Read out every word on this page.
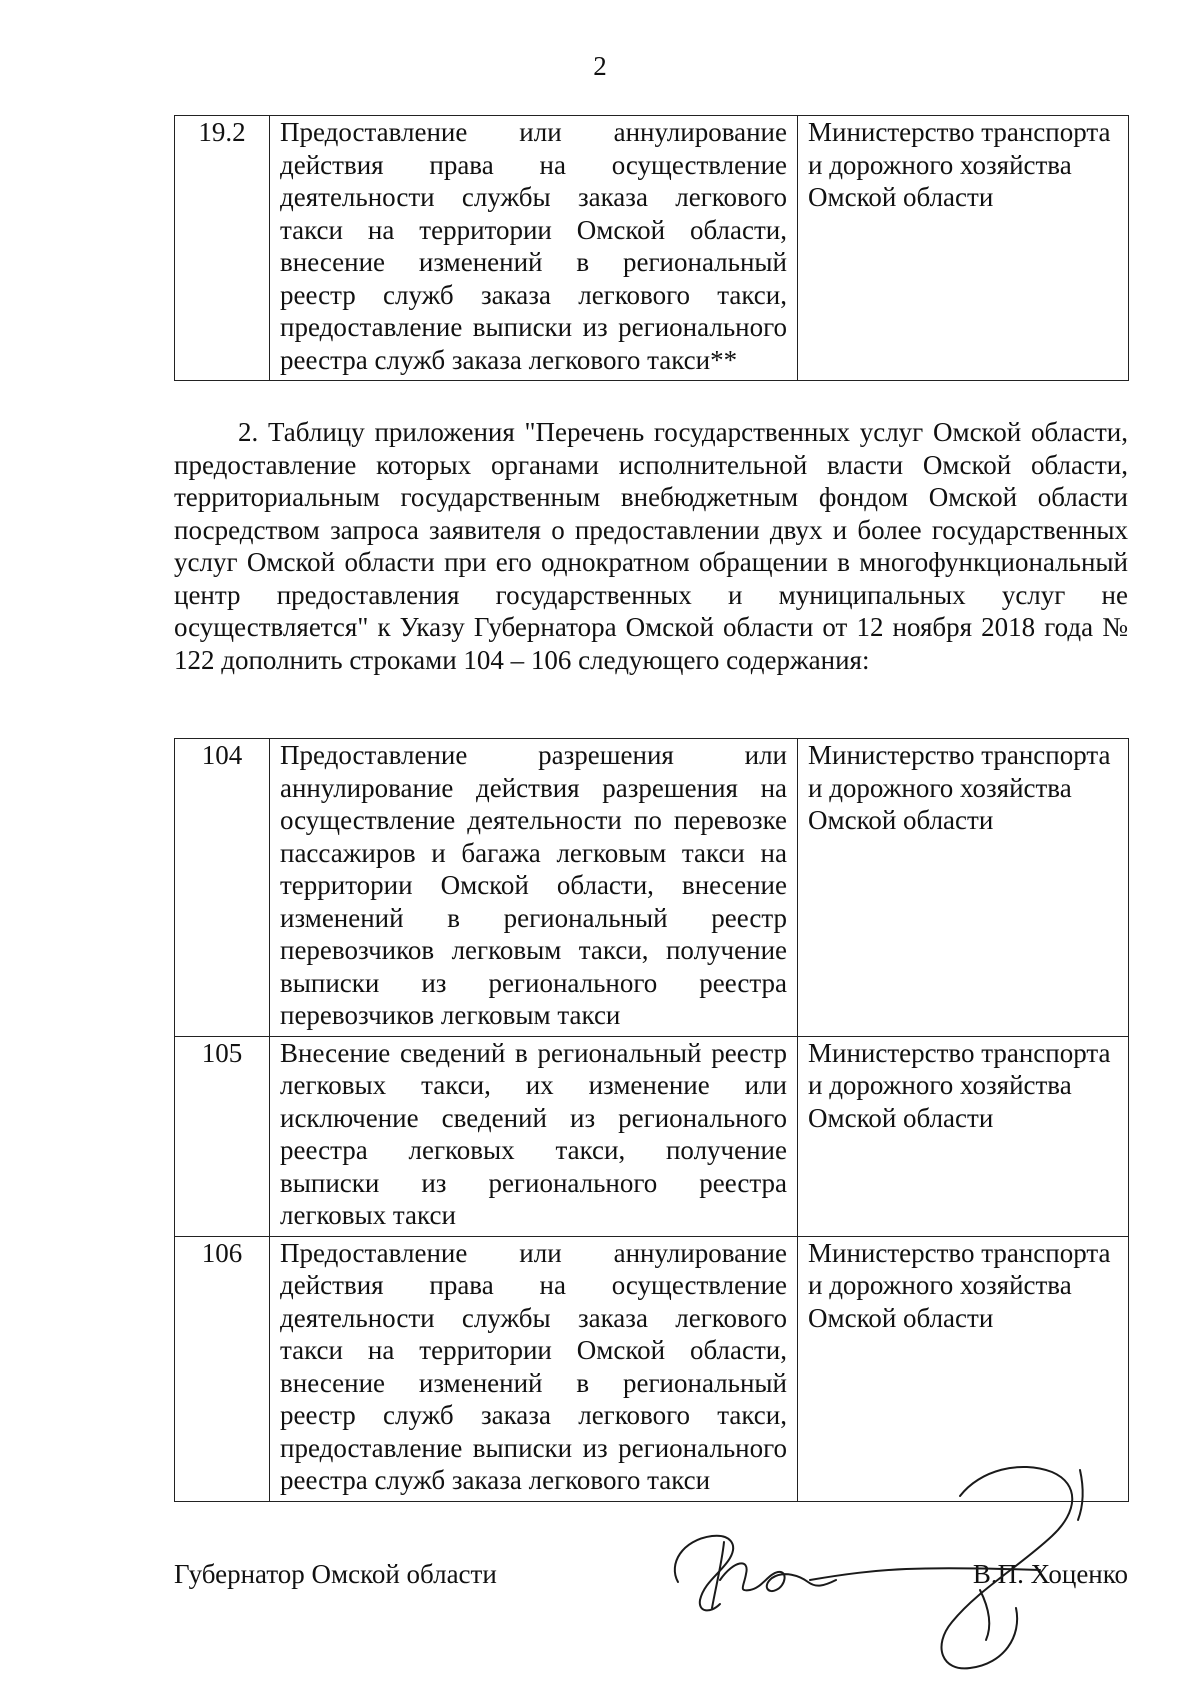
2
19.2	Предоставление или аннулирование действия права на осуществление деятельности службы заказа легкового такси на территории Омской области, внесение изменений в региональный реестр служб заказа легкового такси, предоставление выписки из регионального реестра служб заказа легкового такси**	Министерство транспорта и дорожного хозяйства Омской области

2. Таблицу приложения "Перечень государственных услуг Омской области, предоставление которых органами исполнительной власти Омской области, территориальным государственным внебюджетным фондом Омской области посредством запроса заявителя о предоставлении двух и более государственных услуг Омской области при его однократном обращении в многофункциональный центр предоставления государственных и муниципальных услуг не осуществляется" к Указу Губернатора Омской области от 12 ноября 2018 года № 122 дополнить строками 104 – 106 следующего содержания:

104	Предоставление разрешения или аннулирование действия разрешения на осуществление деятельности по перевозке пассажиров и багажа легковым такси на территории Омской области, внесение изменений в региональный реестр перевозчиков легковым такси, получение выписки из регионального реестра перевозчиков легковым такси	Министерство транспорта и дорожного хозяйства Омской области
105	Внесение сведений в региональный реестр легковых такси, их изменение или исключение сведений из регионального реестра легковых такси, получение выписки из регионального реестра легковых такси	Министерство транспорта и дорожного хозяйства Омской области
106	Предоставление или аннулирование действия права на осуществление деятельности службы заказа легкового такси на территории Омской области, внесение изменений в региональный реестр служб заказа легкового такси, предоставление выписки из регионального реестра служб заказа легкового такси	Министерство транспорта и дорожного хозяйства Омской области
Губернатор Омской области	В.П. Хоценко
